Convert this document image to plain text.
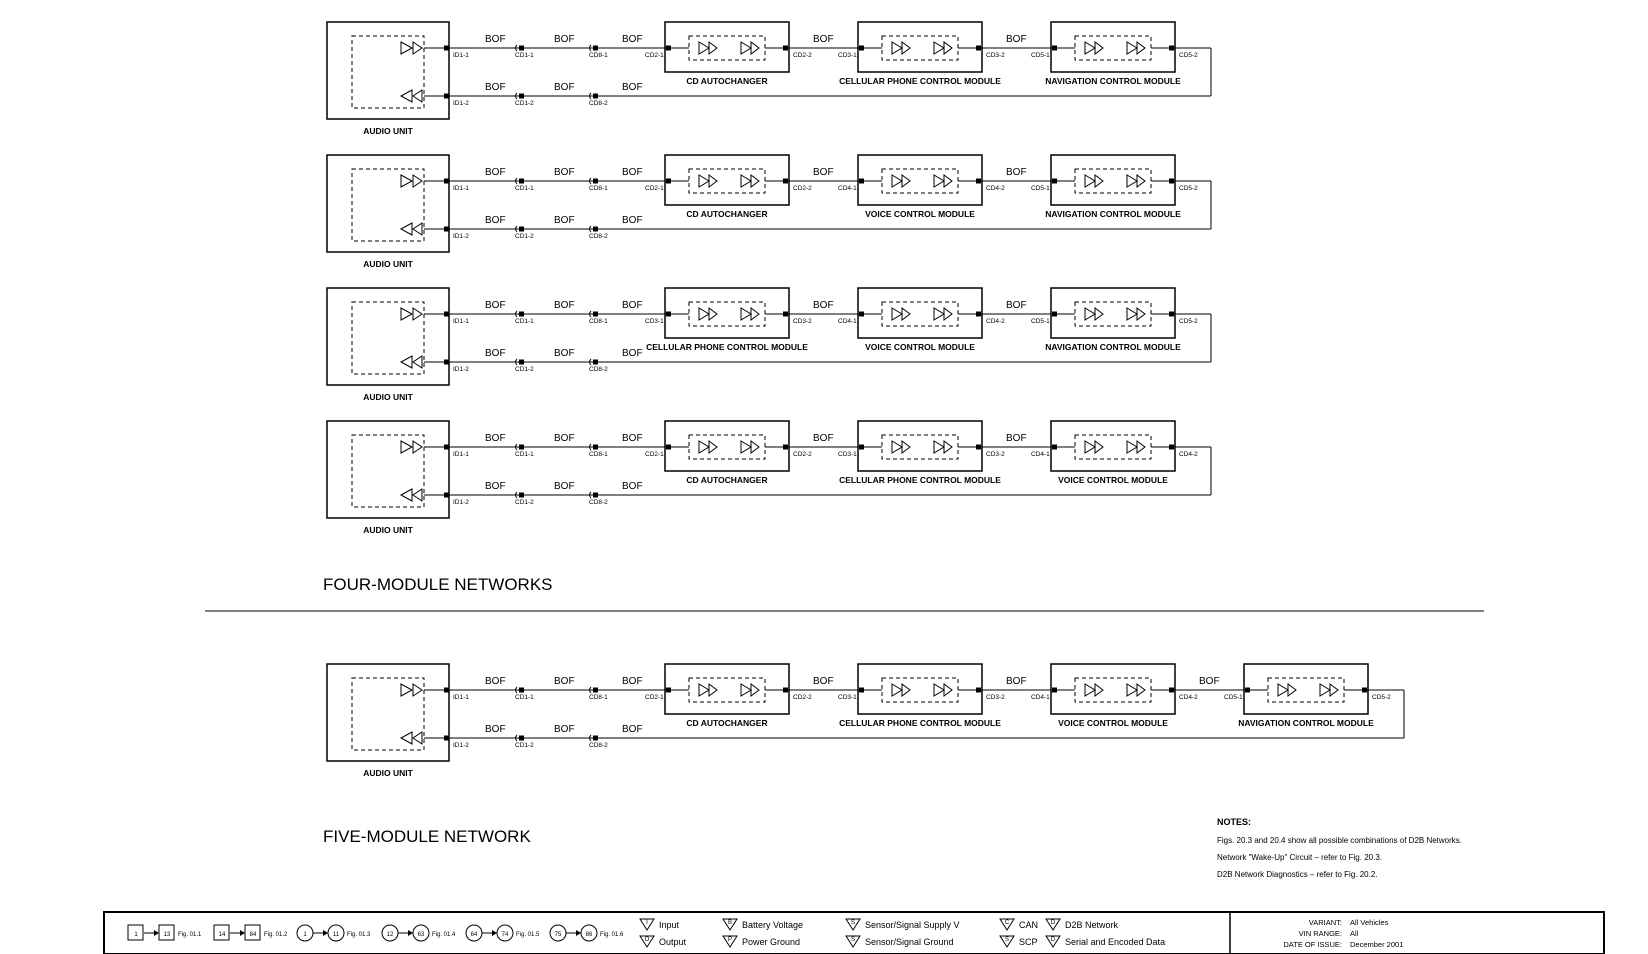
AUDIO UNIT
ID1-1
ID1-2
CD1-1
CD1-2
CD8-1
CD8-2
BOF
BOF
BOF
BOF
BOF
BOF
CD AUTOCHANGER
CD2-1	CD2-2
BOF
CELLULAR PHONE CONTROL MODULE
CD3-1	CD3-2
BOF
NAVIGATION CONTROL MODULE
CD5-1	CD5-2
AUDIO UNIT
ID1-1
ID1-2
CD1-1
CD1-2
CD8-1
CD8-2
BOF
BOF
BOF
BOF
BOF
BOF
CD AUTOCHANGER
CD2-1	CD2-2
BOF
VOICE CONTROL MODULE
CD4-1	CD4-2
BOF
NAVIGATION CONTROL MODULE
CD5-1	CD5-2
AUDIO UNIT
ID1-1
ID1-2
CD1-1
CD1-2
CD8-1
CD8-2
BOF
BOF
BOF
BOF
BOF
BOF
CELLULAR PHONE CONTROL MODULE
CD3-1	CD3-2
BOF
VOICE CONTROL MODULE
CD4-1	CD4-2
BOF
NAVIGATION CONTROL MODULE
CD5-1	CD5-2
AUDIO UNIT
ID1-1
ID1-2
CD1-1
CD1-2
CD8-1
CD8-2
BOF
BOF
BOF
BOF
BOF
BOF
CD AUTOCHANGER
CD2-1	CD2-2
BOF
CELLULAR PHONE CONTROL MODULE
CD3-1	CD3-2
BOF
VOICE CONTROL MODULE
CD4-1	CD4-2
AUDIO UNIT
ID1-1
ID1-2
CD1-1
CD1-2
CD8-1
CD8-2
BOF
BOF
BOF
BOF
BOF
BOF
CD AUTOCHANGER
CD2-1	CD2-2
BOF
CELLULAR PHONE CONTROL MODULE
CD3-1	CD3-2
BOF
VOICE CONTROL MODULE
CD4-1	CD4-2
BOF
NAVIGATION CONTROL MODULE
CD5-1	CD5-2
FOUR-MODULE NETWORKS
FIVE-MODULE NETWORK
NOTES:
Figs. 20.3 and 20.4 show all possible combinations of D2B Networks.
Network "Wake-Up" Circuit – refer to Fig. 20.3.
D2B Network Diagnostics – refer to Fig. 20.2.
1	13 Fig. 01.1	14	84 Fig. 01.2	1	11 Fig. 01.3	12	63 Fig. 01.4	64	74 Fig. 01.5	75	86 Fig. 01.6
I Input
O Output
B Battery Voltage
P Power Ground
S Sensor/Signal Supply V
S Sensor/Signal Ground
C CAN
S SCP
D D2B Network
D Serial and Encoded Data
VARIANT: All Vehicles
VIN RANGE: All
DATE OF ISSUE: December 2001
